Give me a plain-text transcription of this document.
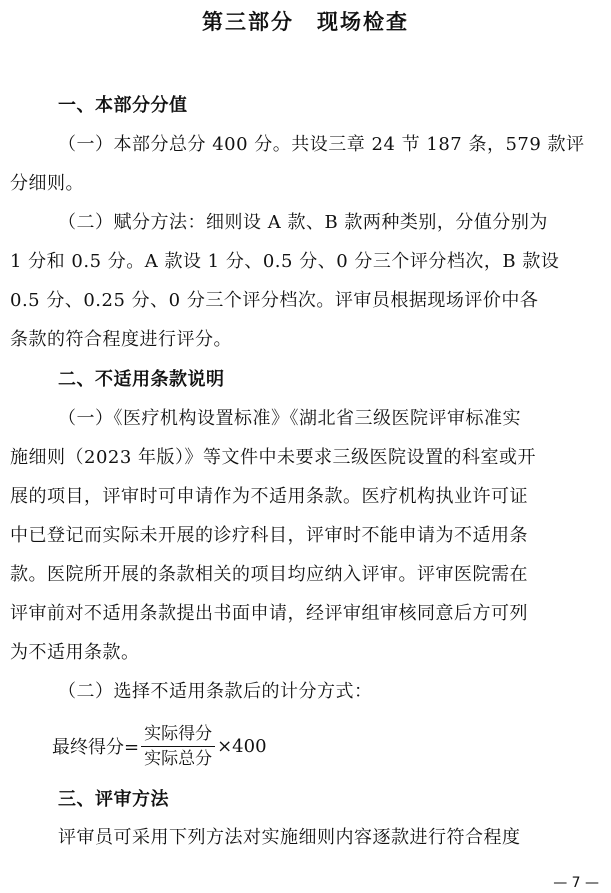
第三部分　现场检查
一、本部分分值
（一）本部分总分 400 分。共设三章 24 节 187 条，579 款评
分细则。
（二）赋分方法：细则设 A 款、B 款两种类别，分值分别为
1 分和 0.5 分。A 款设 1 分、0.5 分、0 分三个评分档次，B 款设
0.5 分、0.25 分、0 分三个评分档次。评审员根据现场评价中各
条款的符合程度进行评分。
二、不适用条款说明
（一）《医疗机构设置标准》《湖北省三级医院评审标准实
施细则（2023 年版）》等文件中未要求三级医院设置的科室或开
展的项目，评审时可申请作为不适用条款。医疗机构执业许可证
中已登记而实际未开展的诊疗科目，评审时不能申请为不适用条
款。医院所开展的条款相关的项目均应纳入评审。评审医院需在
评审前对不适用条款提出书面申请，经评审组审核同意后方可列
为不适用条款。
（二）选择不适用条款后的计分方式：
最终得分= $\frac{\text{实际得分}}{\text{实际总分}} \times 400$
三、评审方法
评审员可采用下列方法对实施细则内容逐款进行符合程度
— 7 —
